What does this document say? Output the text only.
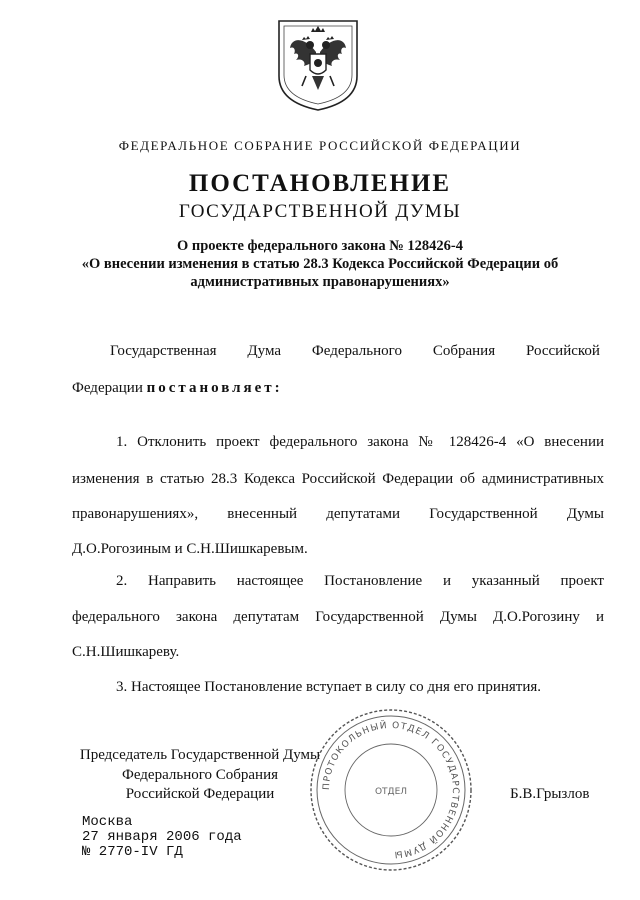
ФЕДЕРАЛЬНОЕ СОБРАНИЕ РОССИЙСКОЙ ФЕДЕРАЦИИ
ПОСТАНОВЛЕНИЕ
ГОСУДАРСТВЕННОЙ ДУМЫ
О проекте федерального закона № 128426-4
«О внесении изменения в статью 28.3 Кодекса Российской Федерации об
административных правонарушениях»
Государственная Дума Федерального Собрания Российской
Федерации постановляет:
1. Отклонить проект федерального закона № 128426-4 «О внесении
изменения в статью 28.3 Кодекса Российской Федерации об административных
правонарушениях», внесенный депутатами Государственной Думы
Д.О.Рогозиным и С.Н.Шишкаревым.
2. Направить настоящее Постановление и указанный проект
федерального закона депутатам Государственной Думы Д.О.Рогозину и
С.Н.Шишкареву.
3. Настоящее Постановление вступает в силу со дня его принятия.
ПРОТОКОЛЬНЫЙ ОТДЕЛ ГОСУДАРСТВЕННОЙ ДУМЫ
ОТДЕЛ
Председатель Государственной Думы
Федерального Собрания
Российской Федерации	Б.В.Грызлов
Москва
27 января 2006 года
№ 2770-IV ГД
